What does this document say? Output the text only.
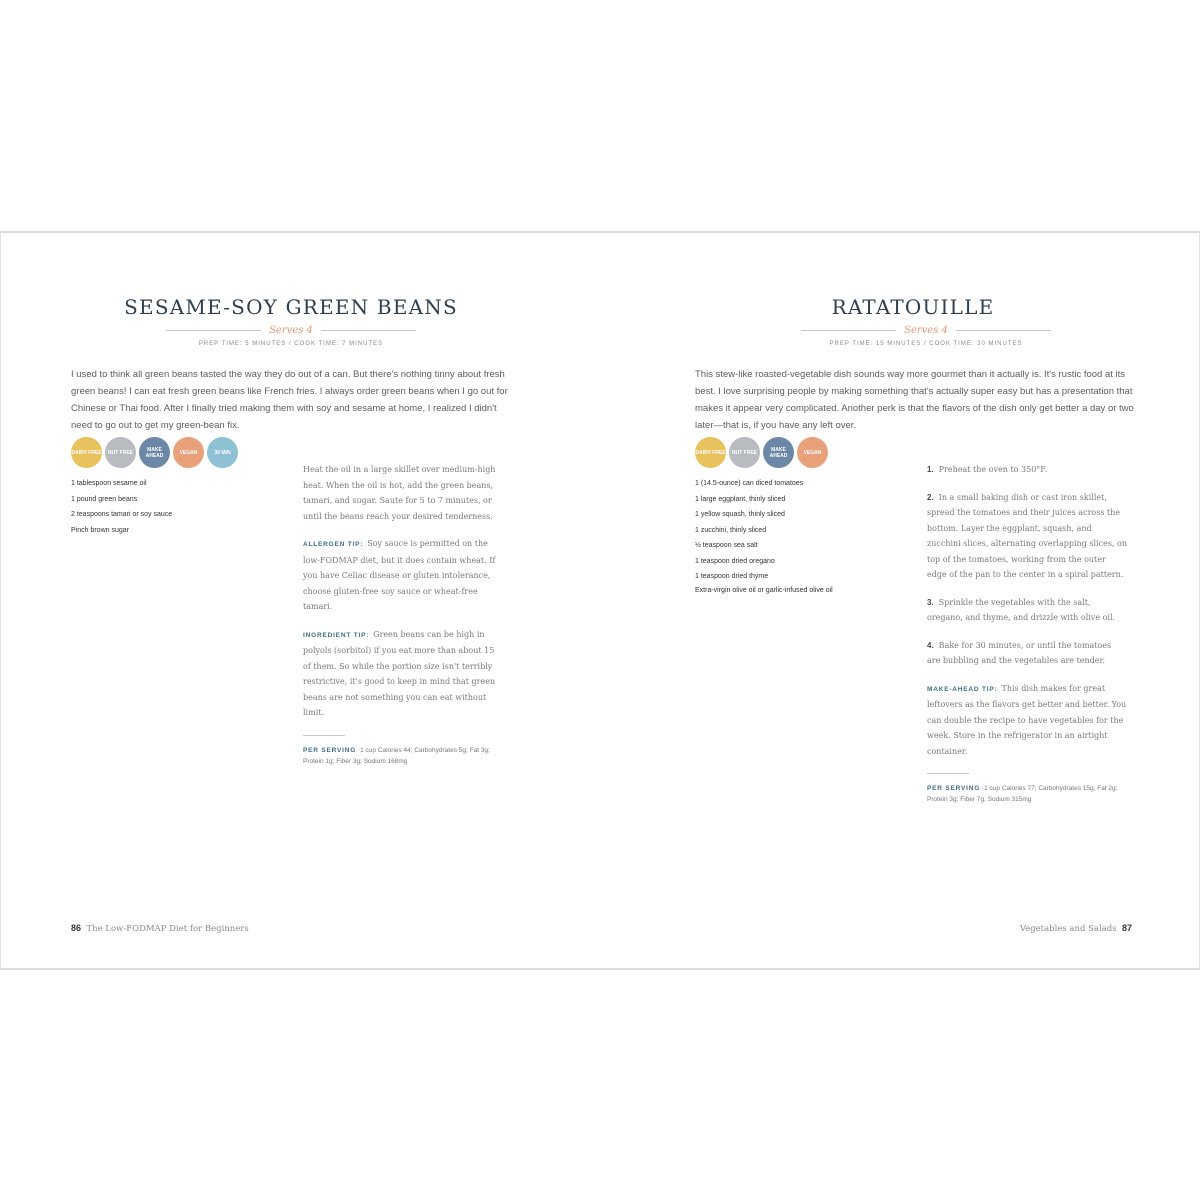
SESAME-SOY GREEN BEANS
Serves 4
PREP TIME: 5 MINUTES / COOK TIME: 7 MINUTES

I used to think all green beans tasted the way they do out of a can. But there's nothing tinny about fresh green beans! I can eat fresh green beans like French fries. I always order green beans when I go out for Chinese or Thai food. After I finally tried making them with soy and sesame at home, I realized I didn't need to go out to get my green-bean fix.

DAIRY FREE	NUT FREE	MAKE AHEAD	VEGAN	30 MIN
1 tablespoon sesame oil
1 pound green beans
2 teaspoons tamari or soy sauce
Pinch brown sugar

Heat the oil in a large skillet over medium-high heat. When the oil is hot, add the green beans, tamari, and sugar. Saute for 5 to 7 minutes, or until the beans reach your desired tenderness.

ALLERGEN TIP: Soy sauce is permitted on the low-FODMAP diet, but it does contain wheat. If you have Celiac disease or gluten intolerance, choose gluten-free soy sauce or wheat-free tamari.

INGREDIENT TIP: Green beans can be high in polyols (sorbitol) if you eat more than about 15 of them. So while the portion size isn't terribly restrictive, it's good to keep in mind that green beans are not something you can eat without limit.

PER SERVING 1 cup Calories 44; Carbohydrates 5g; Fat 3g; Protein 1g; Fiber 3g; Sodium 168mg

86 The Low-FODMAP Diet for Beginners
RATATOUILLE
Serves 4
PREP TIME: 15 MINUTES / COOK TIME: 30 MINUTES

This stew-like roasted-vegetable dish sounds way more gourmet than it actually is. It's rustic food at its best. I love surprising people by making something that's actually super easy but has a presentation that makes it appear very complicated. Another perk is that the flavors of the dish only get better a day or two later—that is, if you have any left over.

DAIRY FREE	NUT FREE	MAKE AHEAD	VEGAN
1 (14.5-ounce) can diced tomatoes
1 large eggplant, thinly sliced
1 yellow squash, thinly sliced
1 zucchini, thinly sliced
½ teaspoon sea salt
1 teaspoon dried oregano
1 teaspoon dried thyme
Extra-virgin olive oil or garlic-infused olive oil

1. Preheat the oven to 350°F.

2. In a small baking dish or cast iron skillet, spread the tomatoes and their juices across the bottom. Layer the eggplant, squash, and zucchini slices, alternating overlapping slices, on top of the tomatoes, working from the outer edge of the pan to the center in a spiral pattern.

3. Sprinkle the vegetables with the salt, oregano, and thyme, and drizzle with olive oil.

4. Bake for 30 minutes, or until the tomatoes are bubbling and the vegetables are tender.

MAKE-AHEAD TIP: This dish makes for great leftovers as the flavors get better and better. You can double the recipe to have vegetables for the week. Store in the refrigerator in an airtight container.

PER SERVING 1 cup Calories 77; Carbohydrates 15g; Fat 2g; Protein 3g; Fiber 7g; Sodium 315mg

Vegetables and Salads 87
